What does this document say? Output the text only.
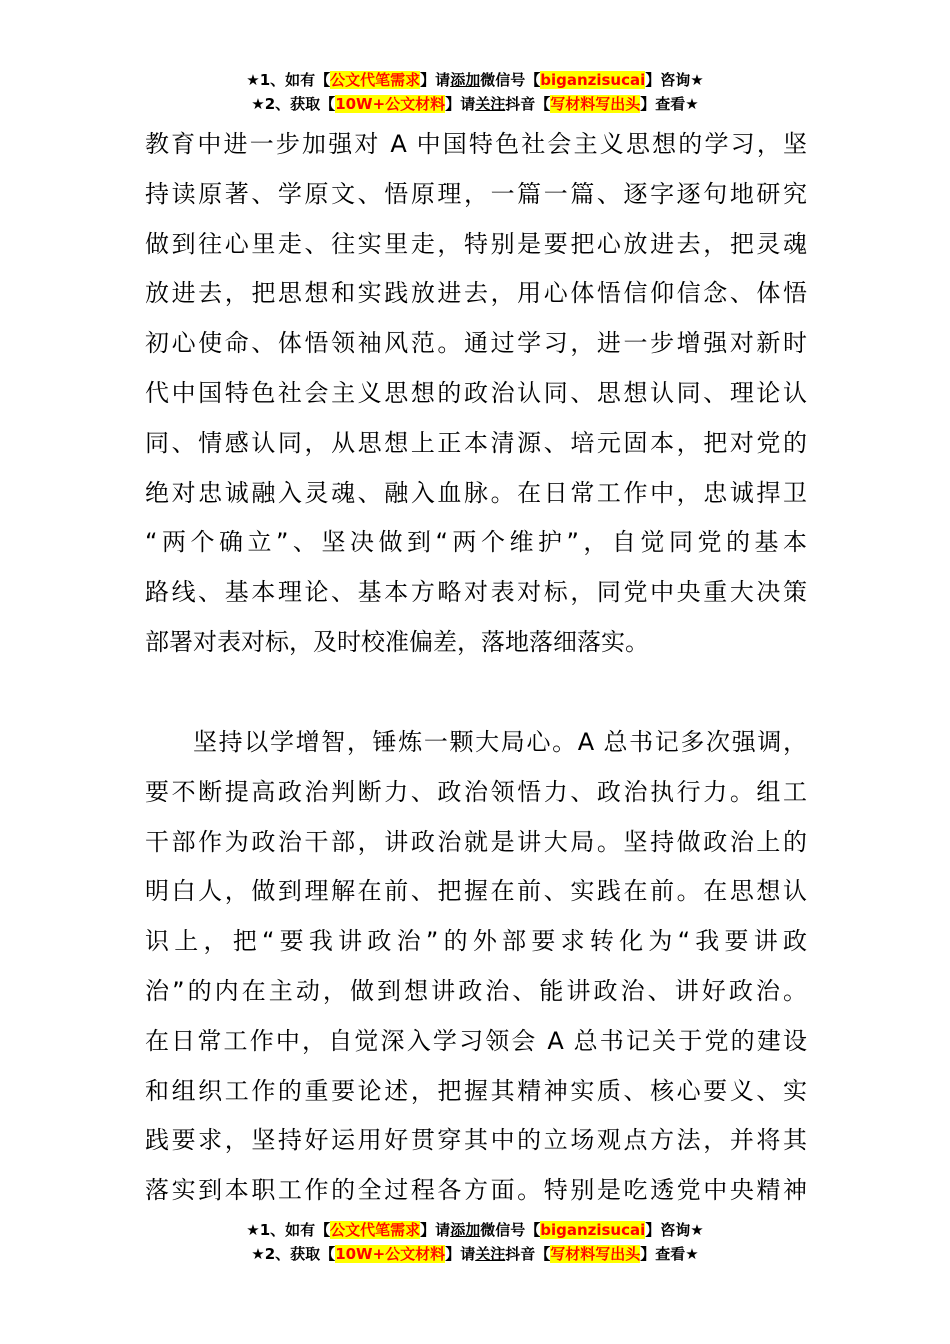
★1、如有【公文代笔需求】请添加微信号【biganzisucai】咨询★
★2、获取【10W+公文材料】请关注抖音【写材料写出头】查看★
教育中进一步加强对 A 中国特色社会主义思想的学习，坚
持读原著、学原文、悟原理，一篇一篇、逐字逐句地研究
做到往心里走、往实里走，特别是要把心放进去，把灵魂
放进去，把思想和实践放进去，用心体悟信仰信念、体悟
初心使命、体悟领袖风范。通过学习，进一步增强对新时
代中国特色社会主义思想的政治认同、思想认同、理论认
同、情感认同，从思想上正本清源、培元固本，把对党的
绝对忠诚融入灵魂、融入血脉。在日常工作中，忠诚捍卫
“两个确立”、坚决做到“两个维护”，自觉同党的基本
路线、基本理论、基本方略对表对标，同党中央重大决策
部署对表对标，及时校准偏差，落地落细落实。
坚持以学增智，锤炼一颗大局心。A 总书记多次强调，
要不断提高政治判断力、政治领悟力、政治执行力。组工
干部作为政治干部，讲政治就是讲大局。坚持做政治上的
明白人，做到理解在前、把握在前、实践在前。在思想认
识上，把“要我讲政治”的外部要求转化为“我要讲政
治”的内在主动，做到想讲政治、能讲政治、讲好政治。
在日常工作中，自觉深入学习领会 A 总书记关于党的建设
和组织工作的重要论述，把握其精神实质、核心要义、实
践要求，坚持好运用好贯穿其中的立场观点方法，并将其
落实到本职工作的全过程各方面。特别是吃透党中央精神
★1、如有【公文代笔需求】请添加微信号【biganzisucai】咨询★
★2、获取【10W+公文材料】请关注抖音【写材料写出头】查看★
